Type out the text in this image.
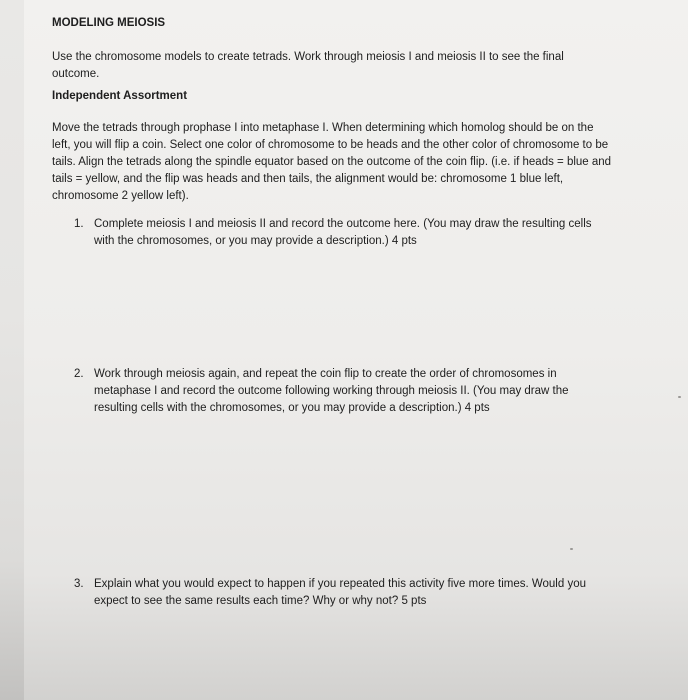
MODELING MEIOSIS

Use the chromosome models to create tetrads. Work through meiosis I and meiosis II to see the final outcome.

Independent Assortment

Move the tetrads through prophase I into metaphase I. When determining which homolog should be on the left, you will flip a coin. Select one color of chromosome to be heads and the other color of chromosome to be tails. Align the tetrads along the spindle equator based on the outcome of the coin flip. (i.e. if heads = blue and tails = yellow, and the flip was heads and then tails, the alignment would be: chromosome 1 blue left, chromosome 2 yellow left).

1. Complete meiosis I and meiosis II and record the outcome here. (You may draw the resulting cells with the chromosomes, or you may provide a description.) 4 pts
2. Work through meiosis again, and repeat the coin flip to create the order of chromosomes in metaphase I and record the outcome following working through meiosis II. (You may draw the resulting cells with the chromosomes, or you may provide a description.) 4 pts
3. Explain what you would expect to happen if you repeated this activity five more times. Would you expect to see the same results each time? Why or why not? 5 pts
